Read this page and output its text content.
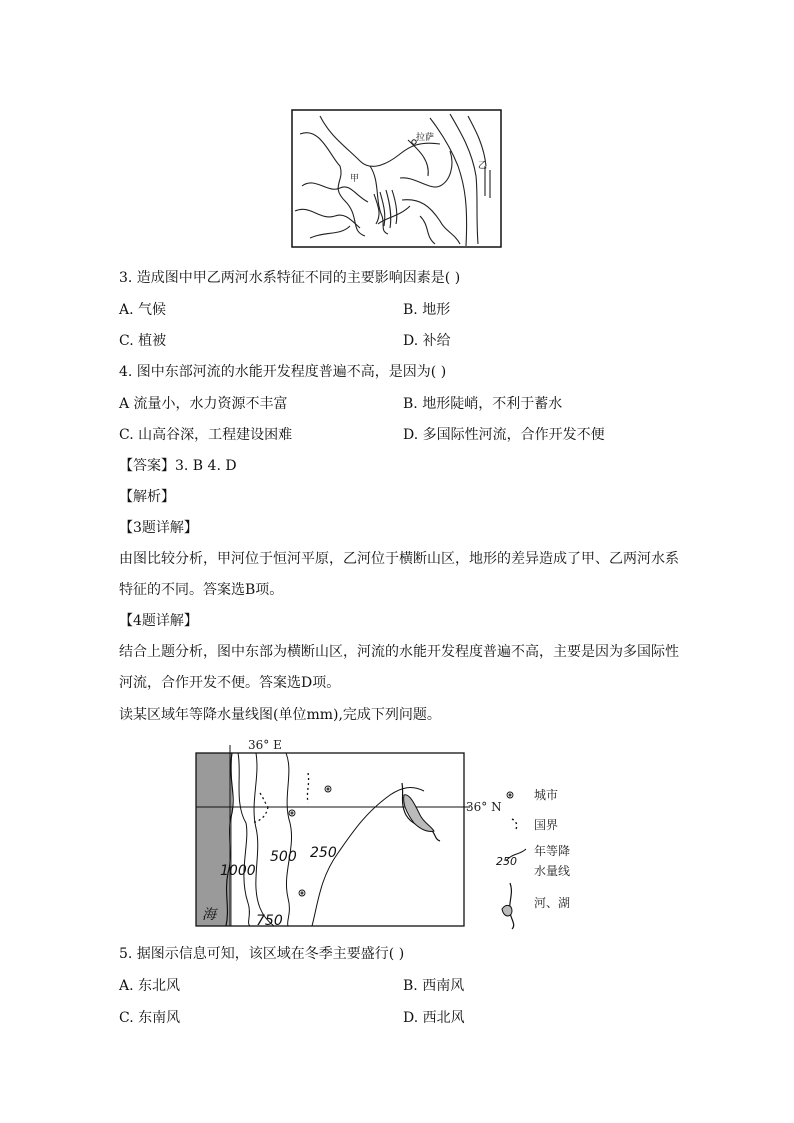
甲
乙
拉萨
3. 造成图中甲乙两河水系特征不同的主要影响因素是( )
A. 气候	B. 地形
C. 植被	D. 补给
4. 图中东部河流的水能开发程度普遍不高，是因为( )
A 流量小，水力资源不丰富	B. 地形陡峭，不利于蓄水
C. 山高谷深，工程建设困难	D. 多国际性河流，合作开发不便
【答案】3. B 4. D
【解析】
【3题详解】
由图比较分析，甲河位于恒河平原，乙河位于横断山区，地形的差异造成了甲、乙两河水系
特征的不同。答案选B项。
【4题详解】
结合上题分析，图中东部为横断山区，河流的水能开发程度普遍不高，主要是因为多国际性
河流，合作开发不便。答案选D项。
读某区域年等降水量线图(单位mm),完成下列问题。
36° E
36° N
海
1000
750
500 250
城市
国界
250
年等降
水量线
河、湖
5. 据图示信息可知，该区域在冬季主要盛行( )
A. 东北风	B. 西南风
C. 东南风	D. 西北风
